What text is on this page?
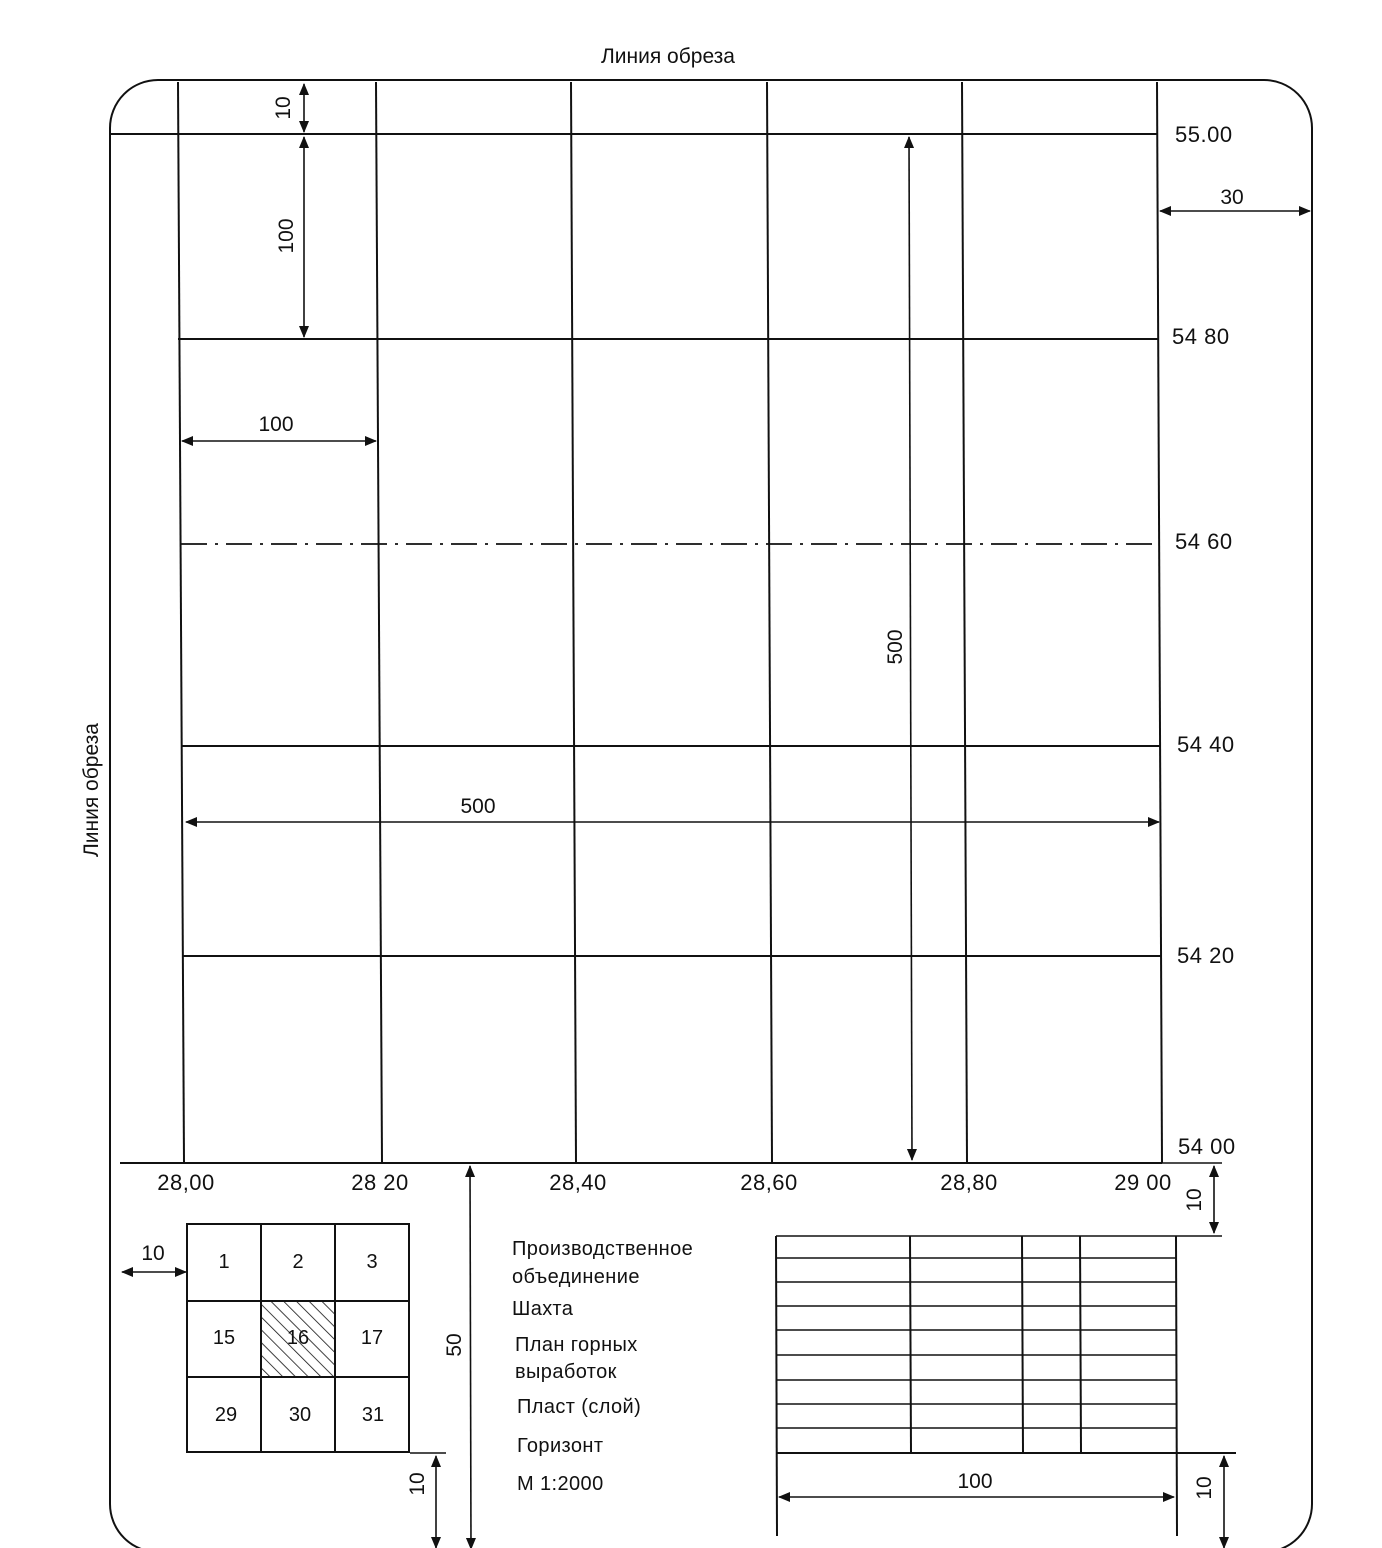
Линия обреза
Линия обреза
55.00
54 80
54 60
54 40
54 20
54 00
28,00	28 20	28,40	28,60	28,80	29 00
10
100
100
500
500
30
10
10
50
10
1	2	3
15	16	17
29	30	31
Производственное
объединение
Шахта
План горных
выработок
Пласт (слой)
Горизонт
М 1:2000	100	10
